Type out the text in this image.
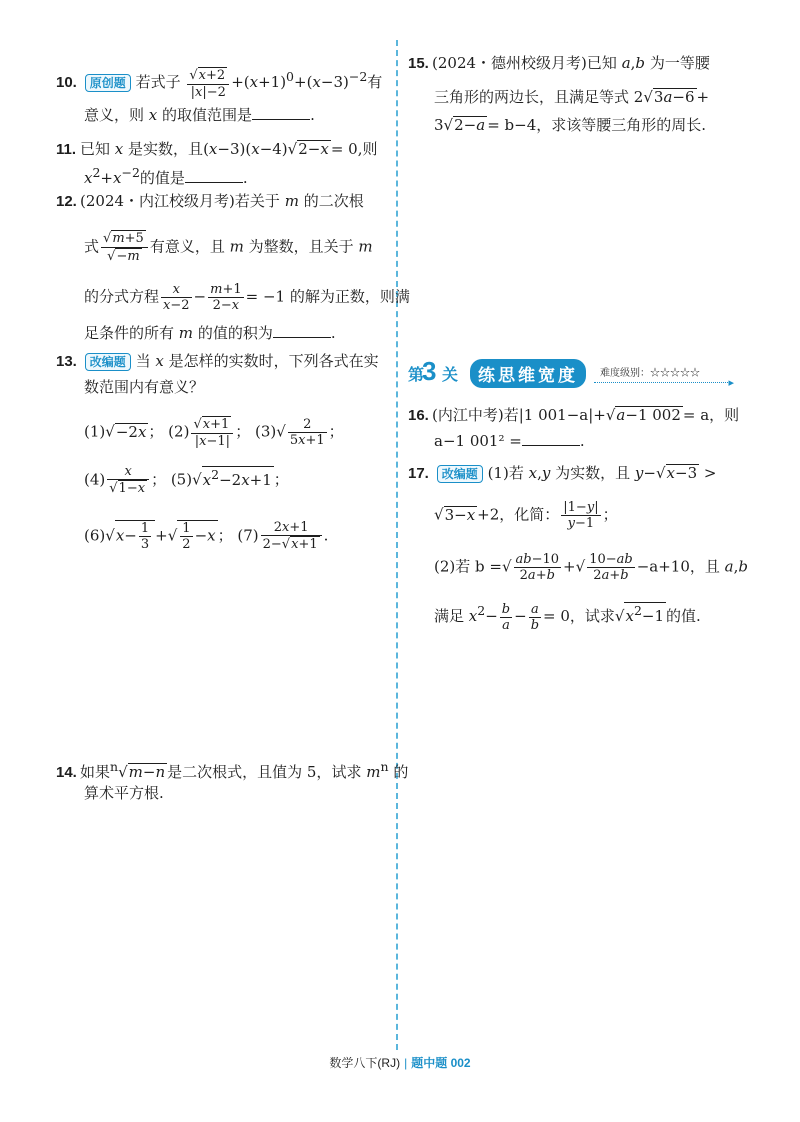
10. 原创题 若式子 $\frac{√x+2}{|x|-2} +(x+1)^0+(x-3)^{-2}$有
意义，则 x 的取值范围是	.
11. 已知 x 是实数，且(x−3)(x−4)√2−x = 0,则
$x^2+x^{-2}$的值是	.
12. (2024・内江校级月考)若关于 m 的二次根
式 $\frac{√m+5}{√-m}$ 有意义，且 m 为整数，且关于 m
的分式方程 $\frac{x}{x-2} - \frac{m+1}{2-x} = -1$ 的解为正数，则满
足条件的所有 m 的值的积为	.
13. 改编题 当 x 是怎样的实数时，下列各式在实
数范围内有意义？
(1)√−2x ； $(2) \frac{√x+1}{|x-1|}$ ； $(3)√ \frac{2}{5x+1}$ ；
$(4) \frac{x}{√1-x}$ ； $(5)√x^2-2x+1$ ；
$(6)√x- \frac{1}{3}$ +√ $\frac{1}{2} -x$ ； $(7) \frac{2x+1}{2-√x+1}$ .
14. 如果$^n$√m−n 是二次根式，且值为 5，试求 $m^n$ 的
算术平方根.
15. (2024・德州校级月考)已知 a,b 为一等腰
三角形的两边长，且满足等式 2√3a−6 +
3√2−a = b−4，求该等腰三角形的周长.
第
3 关	练思维宽度	难度级别：☆☆☆☆☆
▸
16. (内江中考)若|1 001−a|+√a−1 002 = a，则
a−1 001² =	.
17. 改编题 (1)若 x,y 为实数，且 y−√x−3 >
√3−x +2，化简： $\frac{|1-y|}{y-1}$ ；
(2)若 b =√ $\frac{ab-10}{2a+b}$ +√ $\frac{10-ab}{2a+b} -a+10$，且 a,b
满足 $x^2- \frac{b}{a} - \frac{a}{b} = 0$，试求$√x^2-1$ 的值.
数学八下(RJ) | 题中题 002
